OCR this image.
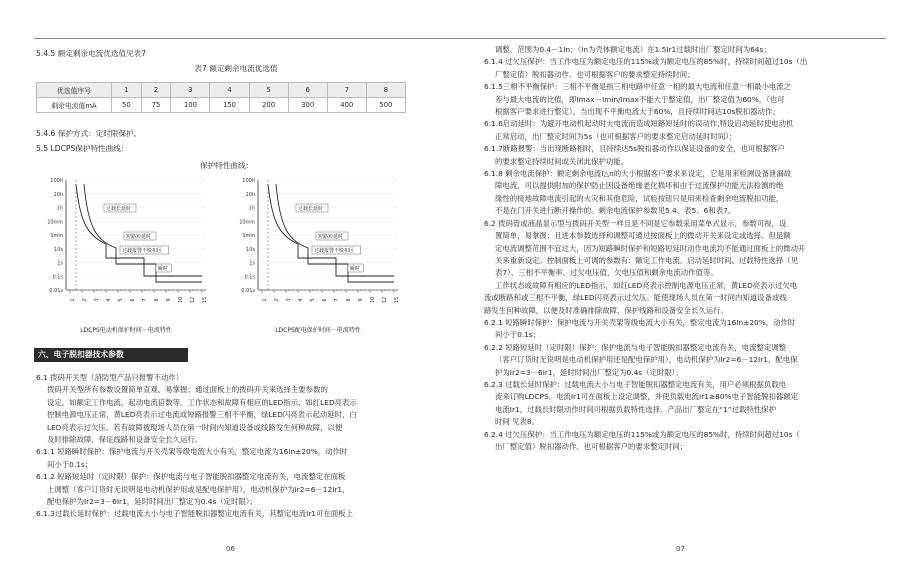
5.4.5 额定剩余电流优选值见表7
表7 额定剩余电流优选值
优选值序号	1	2	3	4	5	6	7	8
剩余电流值mA	50	75	100	150	200	300	400	500
5.4.6 保护方式：定时限保护。
5.5 LDCPS保护特性曲线：
保护特性曲线：
100h
10h
1h
10min
1min
10s
1s
0.1s
0.01s
1 2 3 4 5 6 7 8 9 10 12 15
过载长延时
短路短延时
瞬时
过载报警不脱扣区
LDCPS电动机保护时间－电流特性
100h
10h
1h
10min
1min
10s
1s
0.1s
0.01s
1 2 3 4 5 6 7 8 9 10 12 15
过载长延时
短路短延时
瞬时
过载报警不脱扣区
LDCPS配电保护时间－电流特性
六、电子脱扣器技术参数
6.1 拨码开关型（消防型产品只报警不动作）
拨码开关型所有参数设置简单直观、易掌握；通过面板上的拨码开关来选择主要参数的
设定，如额定工作电流、起动电流倍数等。工作状态和故障有相应的LED指示，如红LED亮表示
控制电源电压正常，黄LED亮表示过电流或短路报警三相不平衡，绿LED闪亮表示起动延时，白
LED亮表示过欠压。若有故障被现场人员在第一时间内知道设备或线路发生何种故障，以便
及时排除故障，保证线路和设备安全长久运行。
6.1.1 短路瞬时保护：保护电流与开关壳架等级电流大小有关，整定电流为16In±20%，动作时
间小于0.1s；
6.1.2 短路短延时（定时限）保护：保护电流与电子智能脱扣器整定电流有关，电流整定在面板
上调整（客户订货时无说明是电动机保护用或是配电保护用），电动机保护为Ir2=6－12Ir1，
配电保护为Ir2=3－6Ir1，延时时间出厂整定为0.4s（定时限）；
6.1.3过载长延时保护：过载电流大小与电子智能脱扣器整定电流有关，其整定电流Ir1可在面板上
06
调整，范围为0.4－1In；（In为壳体额定电流）在1.5Ir1过载时出厂整定时间为64s；
6.1.4 过欠压保护：当工作电压为额定电压的115%或为额定电压的85%时，持续时间超过10s（出
厂整定值）脱扣器动作。也可根据客户的要求整定持续时间；
6.1.5三相不平衡保护：三相不平衡是指三相电路中任意一相的最大电流和任意一相最小电流之
差与最大电流的比值，即Imax－Imin/Imax不能大于整定值，出厂整定值为60%，（也可
根据客户要求进行整定）。当出现不平衡电流大于60%，且持续时间达10s脱扣器动作；
6.1.6启动延时：为避开电动机起动时大电流而造成短路短延时的误动作,特设启动延时使电动机
正常启动，出厂整定时间为5s（也可根据客户的要求整定启动延时时间）；
6.1.7断路报警：当出现断路相时，且持续达5s脱扣器动作以保证设备的安全，也可根据客户
的要求整定持续时间或关闭此保护功能。
6.1.8 剩余电流保护：额定剩余电流I△n的大小根据客户要求来设定，它是用来检测设备泄漏故
障电流，可以提供附加的保护防止因设备绝缘老化损坏和由于过流保护功能无法检测的绝
缘性的接地故障电流引起的火灾和其他危险，试验按钮只是用来检查剩余电流脱扣功能，
不是在门开关进行断开操作的。剩余电流保护参数见5.4、表5、6和表7。
6.2 拨码管或液晶显示型与拨码开关型一样且是不同是它参数采用菜单式显示，参数可视，设
置简单，易掌握；且进本参数选择和调整可通过按面板上的微动开关来设定或选择。但是额
定电流调整范围不宜过大，因为短路瞬时保护和短路短延时动作电流均不能通过面板上的微动开
关来重新设定。控制面板上可调的参数有：额定工作电流、启动延时时间、过载特性选择（见
表7）、三相不平衡率、过欠电压值、欠电压值和剩余电流动作值等。
工作状态或故障有相应的LED指示，如红LED亮表示控制电源电压正常，黄LED亮表示过欠电
流或断路和或三相不平衡，绿LED闪亮表示过欠压。能使现场人员在第一时间内知道设备或线
路发生何种故障，以便及时准确排除故障，保护线路和设备安全长久运行。
6.2.1 短路瞬时保护：保护电流与开关壳架等级电流大小有关，整定电流为16In±20%，动作时
间小于0.1s；
6.2.2 短路短延时（定时限）保护：保护电流与电子智能脱扣器整定电流有关，电流整定调整
（客户订货时无说明是电动机保护用还是配电保护用），电动机保护为Ir2=6－12Ir1，配电保
护为Ir2=3－6Ir1，延时时间出厂整定为0.4s（定时限）；
6.2.3 过载长延时保护：过载电流大小与电子智能脱扣器整定电流有关，用户必须根据负载电
流来订购LDCPS。电流Ir1可在面板上设定调整，并使负载电流Ir1≥80%电子智能脱扣器额定
电流Ir1，过载长时限动作时间可根据负载特性选择。产品出厂整定在“1”过载特性保护
时间 见表8。
6.2.4 过欠压保护：当工作电压为额定电压的115%或为额定电压的85%时，持续时间超过10s（
出厂整定值）脱扣器动作。也可根据客户的要求整定时间；
07
